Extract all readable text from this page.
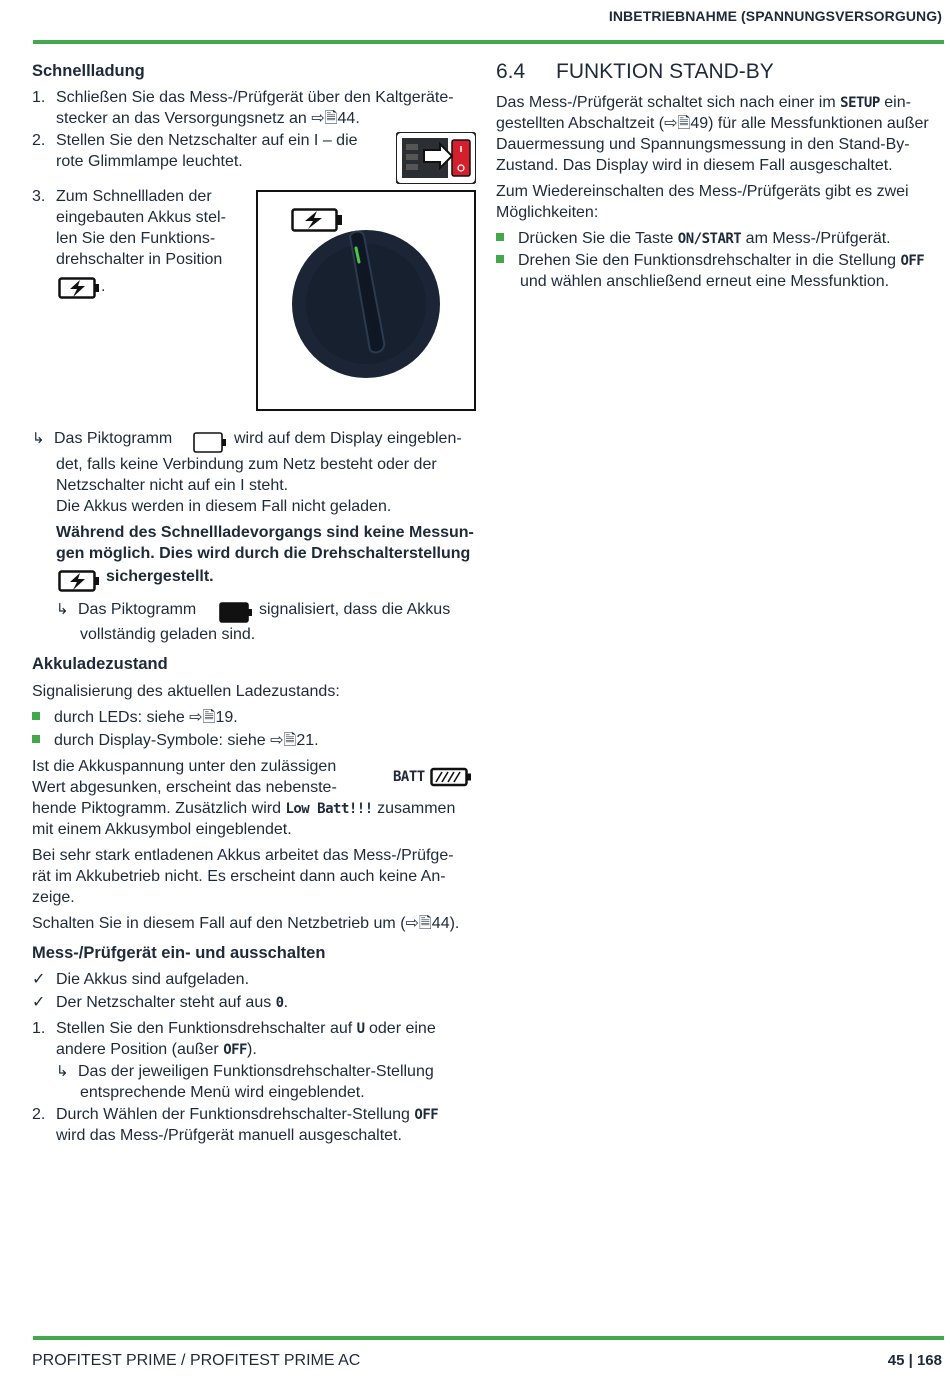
INBETRIEBNAHME (SPANNUNGSVERSORGUNG)
Schnellladung
1. Schließen Sie das Mess-/Prüfgerät über den Kaltgeräte-
stecker an das Versorgungsnetz an ⇨🗎44.
2. Stellen Sie den Netzschalter auf ein I – die
rote Glimmlampe leuchtet.
3. Zum Schnellladen der
eingebauten Akkus stel-
len Sie den Funktions-
drehschalter in Position
.
↳ Das Piktogramm	wird auf dem Display eingeblen-
det, falls keine Verbindung zum Netz besteht oder der
Netzschalter nicht auf ein I steht.
Die Akkus werden in diesem Fall nicht geladen.
Während des Schnellladevorgangs sind keine Messun-
gen möglich. Dies wird durch die Drehschalterstellung
sichergestellt.
↳ Das Piktogramm	signalisiert, dass die Akkus
vollständig geladen sind.
Akkuladezustand
Signalisierung des aktuellen Ladezustands:
durch LEDs: siehe ⇨🗎19.
durch Display-Symbole: siehe ⇨🗎21.
Ist die Akkuspannung unter den zulässigen
Wert abgesunken, erscheint das nebenste-
BATT
hende Piktogramm. Zusätzlich wird Low Batt!!! zusammen
mit einem Akkusymbol eingeblendet.
Bei sehr stark entladenen Akkus arbeitet das Mess-/Prüfge-
rät im Akkubetrieb nicht. Es erscheint dann auch keine An-
zeige.
Schalten Sie in diesem Fall auf den Netzbetrieb um (⇨🗎44).
Mess-/Prüfgerät ein- und ausschalten
✓ Die Akkus sind aufgeladen.
✓ Der Netzschalter steht auf aus 0.
1. Stellen Sie den Funktionsdrehschalter auf U oder eine
andere Position (außer OFF).
↳ Das der jeweiligen Funktionsdrehschalter-Stellung
entsprechende Menü wird eingeblendet.
2. Durch Wählen der Funktionsdrehschalter-Stellung OFF
wird das Mess-/Prüfgerät manuell ausgeschaltet.
6.4 FUNKTION STAND-BY
Das Mess-/Prüfgerät schaltet sich nach einer im SETUP ein-
gestellten Abschaltzeit (⇨🗎49) für alle Messfunktionen außer
Dauermessung und Spannungsmessung in den Stand-By-
Zustand. Das Display wird in diesem Fall ausgeschaltet.
Zum Wiedereinschalten des Mess-/Prüfgeräts gibt es zwei
Möglichkeiten:
Drücken Sie die Taste ON/START am Mess-/Prüfgerät.
Drehen Sie den Funktionsdrehschalter in die Stellung OFF
und wählen anschließend erneut eine Messfunktion.
PROFITEST PRIME / PROFITEST PRIME AC	45 | 168
